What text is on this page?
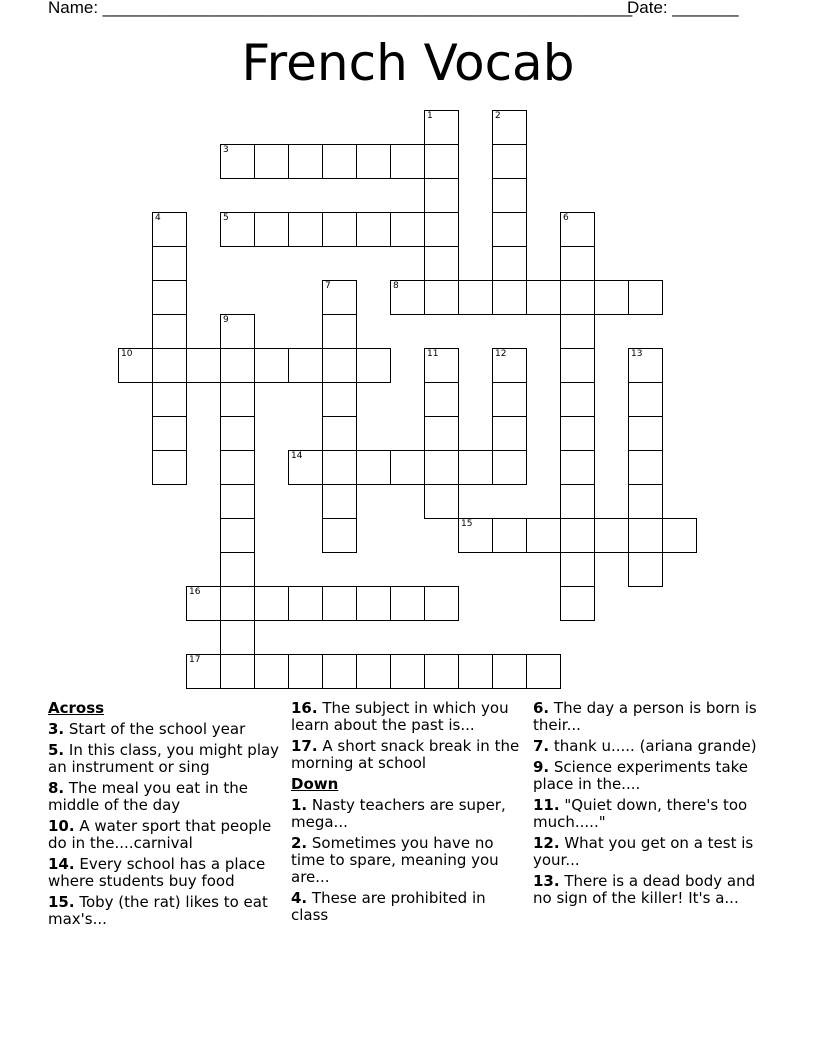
Name: ________________________________________________________
Date: _______
French Vocab
1	2
3
4	5	6
7	8
9
10	11	12	13
14
15
16
17
Across
3. Start of the school year
5. In this class, you might play an instrument or sing
8. The meal you eat in the middle of the day
10. A water sport that people do in the....carnival
14. Every school has a place where students buy food
15. Toby (the rat) likes to eat max's...
16. The subject in which you learn about the past is...
17. A short snack break in the morning at school
Down
1. Nasty teachers are super, mega...
2. Sometimes you have no time to spare, meaning you are...
4. These are prohibited in class
6. The day a person is born is their...
7. thank u..... (ariana grande)
9. Science experiments take place in the....
11. "Quiet down, there's too much....."
12. What you get on a test is your...
13. There is a dead body and no sign of the killer! It's a...
